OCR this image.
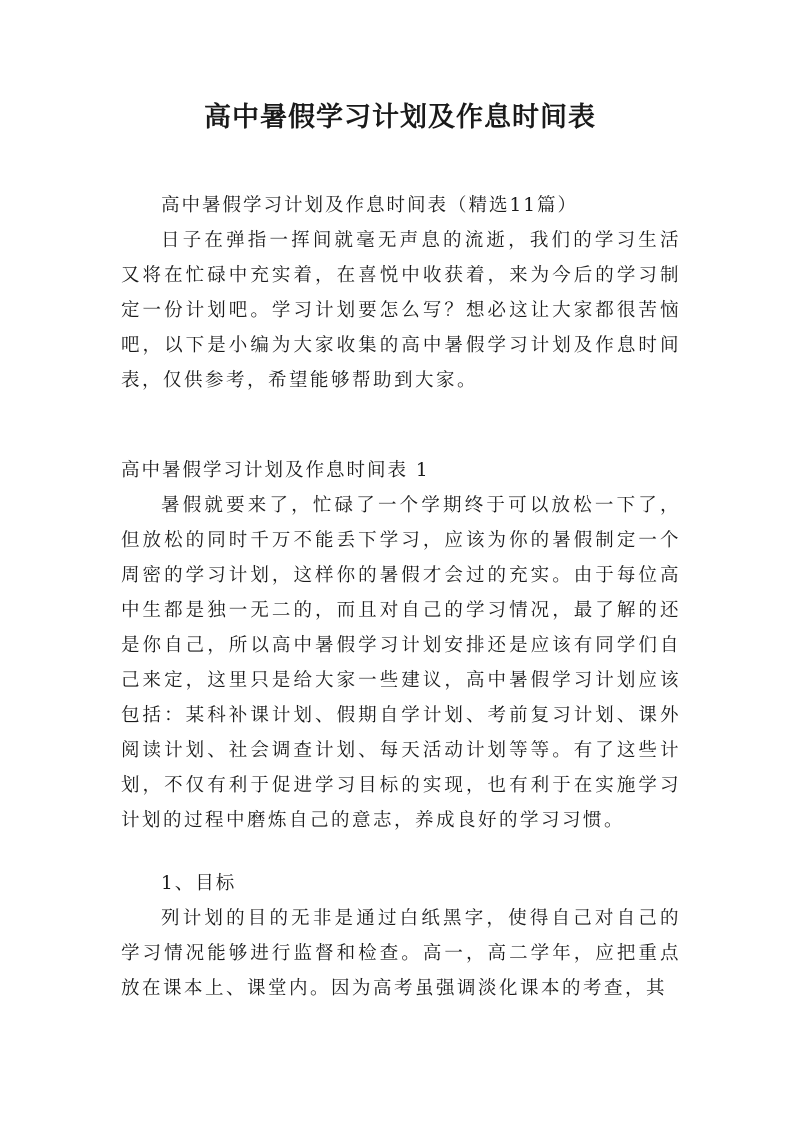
高中暑假学习计划及作息时间表

高中暑假学习计划及作息时间表（精选11篇）

日子在弹指一挥间就毫无声息的流逝，我们的学习生活又将在忙碌中充实着，在喜悦中收获着，来为今后的学习制定一份计划吧。学习计划要怎么写？想必这让大家都很苦恼吧，以下是小编为大家收集的高中暑假学习计划及作息时间表，仅供参考，希望能够帮助到大家。

高中暑假学习计划及作息时间表 1

暑假就要来了，忙碌了一个学期终于可以放松一下了，但放松的同时千万不能丢下学习，应该为你的暑假制定一个周密的学习计划，这样你的暑假才会过的充实。由于每位高中生都是独一无二的，而且对自己的学习情况，最了解的还是你自己，所以高中暑假学习计划安排还是应该有同学们自己来定，这里只是给大家一些建议，高中暑假学习计划应该包括：某科补课计划、假期自学计划、考前复习计划、课外阅读计划、社会调查计划、每天活动计划等等。有了这些计划，不仅有利于促进学习目标的实现，也有利于在实施学习计划的过程中磨炼自己的意志，养成良好的学习习惯。

1、目标

列计划的目的无非是通过白纸黑字，使得自己对自己的学习情况能够进行监督和检查。高一，高二学年，应把重点放在课本上、课堂内。因为高考虽强调淡化课本的考查，其
